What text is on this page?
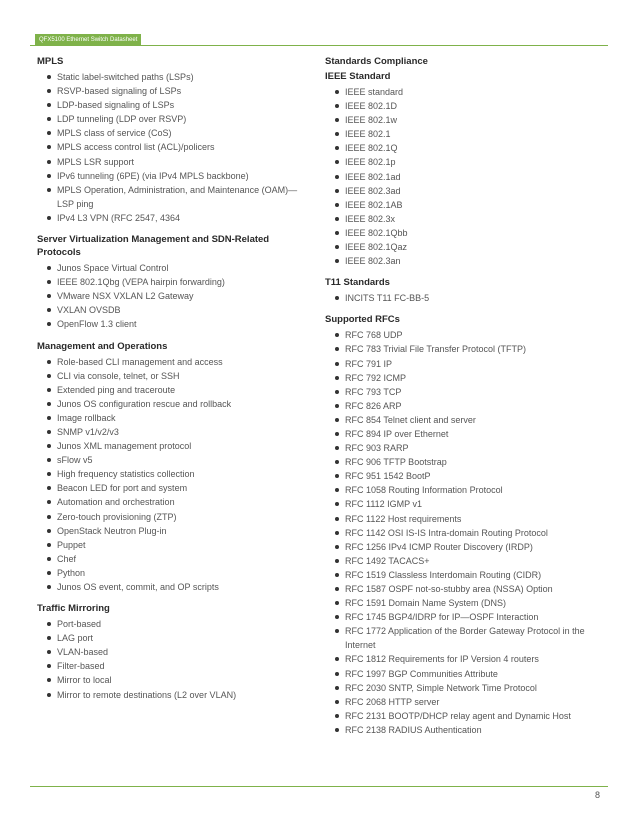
QFX5100 Ethernet Switch Datasheet
MPLS
Static label-switched paths (LSPs)
RSVP-based signaling of LSPs
LDP-based signaling of LSPs
LDP tunneling (LDP over RSVP)
MPLS class of service (CoS)
MPLS access control list (ACL)/policers
MPLS LSR support
IPv6 tunneling (6PE) (via IPv4 MPLS backbone)
MPLS Operation, Administration, and Maintenance (OAM)—LSP ping
IPv4 L3 VPN (RFC 2547, 4364
Server Virtualization Management and SDN-Related Protocols
Junos Space Virtual Control
IEEE 802.1Qbg (VEPA hairpin forwarding)
VMware NSX VXLAN L2 Gateway
VXLAN OVSDB
OpenFlow 1.3 client
Management and Operations
Role-based CLI management and access
CLI via console, telnet, or SSH
Extended ping and traceroute
Junos OS configuration rescue and rollback
Image rollback
SNMP v1/v2/v3
Junos XML management protocol
sFlow v5
High frequency statistics collection
Beacon LED for port and system
Automation and orchestration
Zero-touch provisioning (ZTP)
OpenStack Neutron Plug-in
Puppet
Chef
Python
Junos OS event, commit, and OP scripts
Traffic Mirroring
Port-based
LAG port
VLAN-based
Filter-based
Mirror to local
Mirror to remote destinations (L2 over VLAN)
Standards Compliance
IEEE Standard
IEEE standard
IEEE 802.1D
IEEE 802.1w
IEEE 802.1
IEEE 802.1Q
IEEE 802.1p
IEEE 802.1ad
IEEE 802.3ad
IEEE 802.1AB
IEEE 802.3x
IEEE 802.1Qbb
IEEE 802.1Qaz
IEEE 802.3an
T11 Standards
INCITS T11 FC-BB-5
Supported RFCs
RFC 768 UDP
RFC 783 Trivial File Transfer Protocol (TFTP)
RFC 791 IP
RFC 792 ICMP
RFC 793 TCP
RFC 826 ARP
RFC 854 Telnet client and server
RFC 894 IP over Ethernet
RFC 903 RARP
RFC 906 TFTP Bootstrap
RFC 951 1542 BootP
RFC 1058 Routing Information Protocol
RFC 1112 IGMP v1
RFC 1122 Host requirements
RFC 1142 OSI IS-IS Intra-domain Routing Protocol
RFC 1256 IPv4 ICMP Router Discovery (IRDP)
RFC 1492 TACACS+
RFC 1519 Classless Interdomain Routing (CIDR)
RFC 1587 OSPF not-so-stubby area (NSSA) Option
RFC 1591 Domain Name System (DNS)
RFC 1745 BGP4/IDRP for IP—OSPF Interaction
RFC 1772 Application of the Border Gateway Protocol in the Internet
RFC 1812 Requirements for IP Version 4 routers
RFC 1997 BGP Communities Attribute
RFC 2030 SNTP, Simple Network Time Protocol
RFC 2068 HTTP server
RFC 2131 BOOTP/DHCP relay agent and Dynamic Host
RFC 2138 RADIUS Authentication
8
